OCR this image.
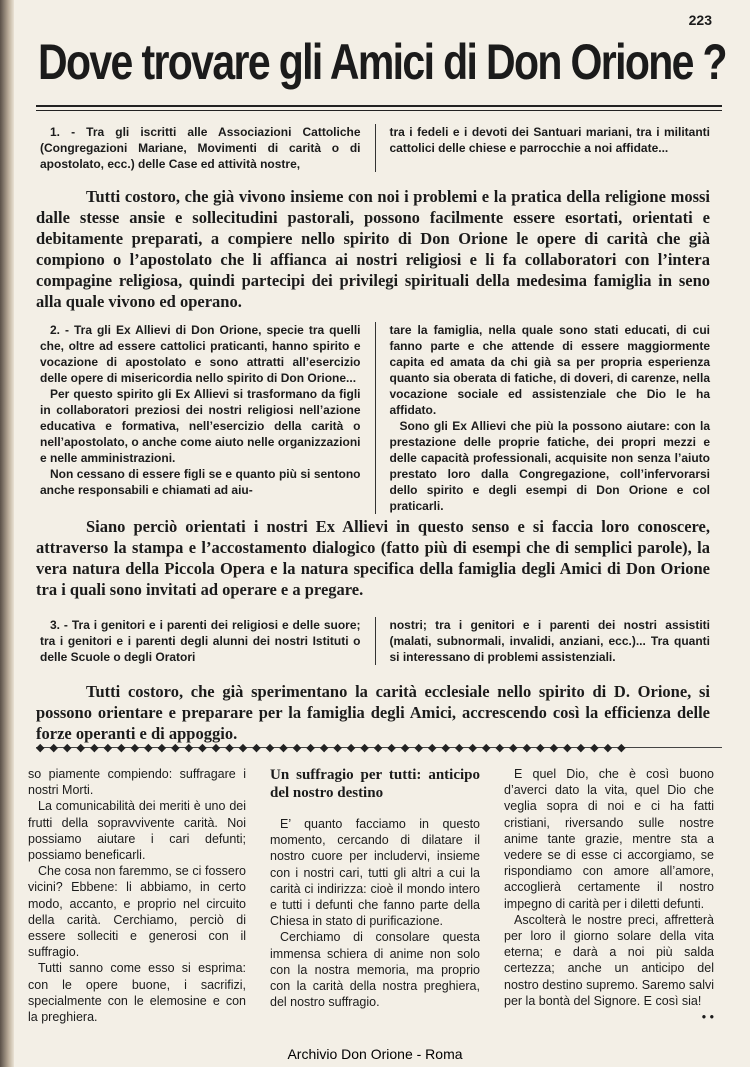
223
Dove trovare gli Amici di Don Orione ?

1. - Tra gli iscritti alle Associazioni Cattoliche (Congregazioni Mariane, Movimenti di carità o di apostolato, ecc.) delle Case ed attività nostre,

tra i fedeli e i devoti dei Santuari mariani, tra i militanti cattolici delle chiese e parrocchie a noi affidate...

Tutti costoro, che già vivono insieme con noi i problemi e la pratica della religione mossi dalle stesse ansie e sollecitudini pastorali, possono facilmente essere esortati, orientati e debitamente preparati, a compiere nello spirito di Don Orione le opere di carità che già compiono o l’apostolato che li affianca ai nostri religiosi e li fa collaboratori con l’intera compagine religiosa, quindi partecipi dei privilegi spirituali della medesima famiglia in seno alla quale vivono ed operano.

2. - Tra gli Ex Allievi di Don Orione, specie tra quelli che, oltre ad essere cattolici praticanti, hanno spirito e vocazione di apostolato e sono attratti all’esercizio delle opere di misericordia nello spirito di Don Orione...

Per questo spirito gli Ex Allievi si trasformano da figli in collaboratori preziosi dei nostri religiosi nell’azione educativa e formativa, nell’esercizio della carità o nell’apostolato, o anche come aiuto nelle organizzazioni e nelle amministrazioni.

Non cessano di essere figli se e quanto più si sentono anche responsabili e chiamati ad aiu-

tare la famiglia, nella quale sono stati educati, di cui fanno parte e che attende di essere maggiormente capita ed amata da chi già sa per propria esperienza quanto sia oberata di fatiche, di doveri, di carenze, nella vocazione sociale ed assistenziale che Dio le ha affidato.

Sono gli Ex Allievi che più la possono aiutare: con la prestazione delle proprie fatiche, dei propri mezzi e delle capacità professionali, acquisite non senza l’aiuto prestato loro dalla Congregazione, coll’infervorarsi dello spirito e degli esempi di Don Orione e col praticarli.

Siano perciò orientati i nostri Ex Allievi in questo senso e si faccia loro conoscere, attraverso la stampa e l’accostamento dialogico (fatto più di esempi che di semplici parole), la vera natura della Piccola Opera e la natura specifica della famiglia degli Amici di Don Orione tra i quali sono invitati ad operare e a pregare.

3. - Tra i genitori e i parenti dei religiosi e delle suore; tra i genitori e i parenti degli alunni dei nostri Istituti o delle Scuole o degli Oratori

nostri; tra i genitori e i parenti dei nostri assistiti (malati, subnormali, invalidi, anziani, ecc.)... Tra quanti si interessano di problemi assistenziali.

Tutti costoro, che già sperimentano la carità ecclesiale nello spirito di D. Orione, si possono orientare e preparare per la famiglia degli Amici, accrescendo così la efficienza delle forze operanti e di appoggio.

◆ ◆ ◆ ◆ ◆ ◆ ◆ ◆ ◆ ◆ ◆ ◆ ◆ ◆ ◆ ◆ ◆ ◆ ◆ ◆ ◆ ◆ ◆ ◆ ◆ ◆ ◆ ◆ ◆ ◆ ◆ ◆ ◆ ◆ ◆ ◆ ◆ ◆ ◆ ◆ ◆ ◆ ◆ ◆

so piamente compiendo: suffragare i nostri Morti.

La comunicabilità dei meriti è uno dei frutti della sopravvivente carità. Noi possiamo aiutare i cari defunti; possiamo beneficarli.

Che cosa non faremmo, se ci fossero vicini? Ebbene: li abbiamo, in certo modo, accanto, e proprio nel circuito della carità. Cerchiamo, perciò di essere solleciti e generosi con il suffragio.

Tutti sanno come esso si esprima: con le opere buone, i sacrifizi, specialmente con le elemosine e con la preghiera.

Un suffragio per tutti: anticipo del nostro destino

E’ quanto facciamo in questo momento, cercando di dilatare il nostro cuore per includervi, insieme con i nostri cari, tutti gli altri a cui la carità ci indirizza: cioè il mondo intero e tutti i defunti che fanno parte della Chiesa in stato di purificazione.

Cerchiamo di consolare questa immensa schiera di anime non solo con la nostra memoria, ma proprio con la carità della nostra preghiera, del nostro suffragio.

E quel Dio, che è così buono d’averci dato la vita, quel Dio che veglia sopra di noi e ci ha fatti cristiani, riversando sulle nostre anime tante grazie, mentre sta a vedere se di esse ci accorgiamo, se rispondiamo con amore all’amore, accoglierà certamente il nostro impegno di carità per i diletti defunti.

Ascolterà le nostre preci, affretterà per loro il giorno solare della vita eterna; e darà a noi più salda certezza; anche un anticipo del nostro destino supremo. Saremo salvi per la bontà del Signore. E così sia!

• •

Archivio Don Orione - Roma
